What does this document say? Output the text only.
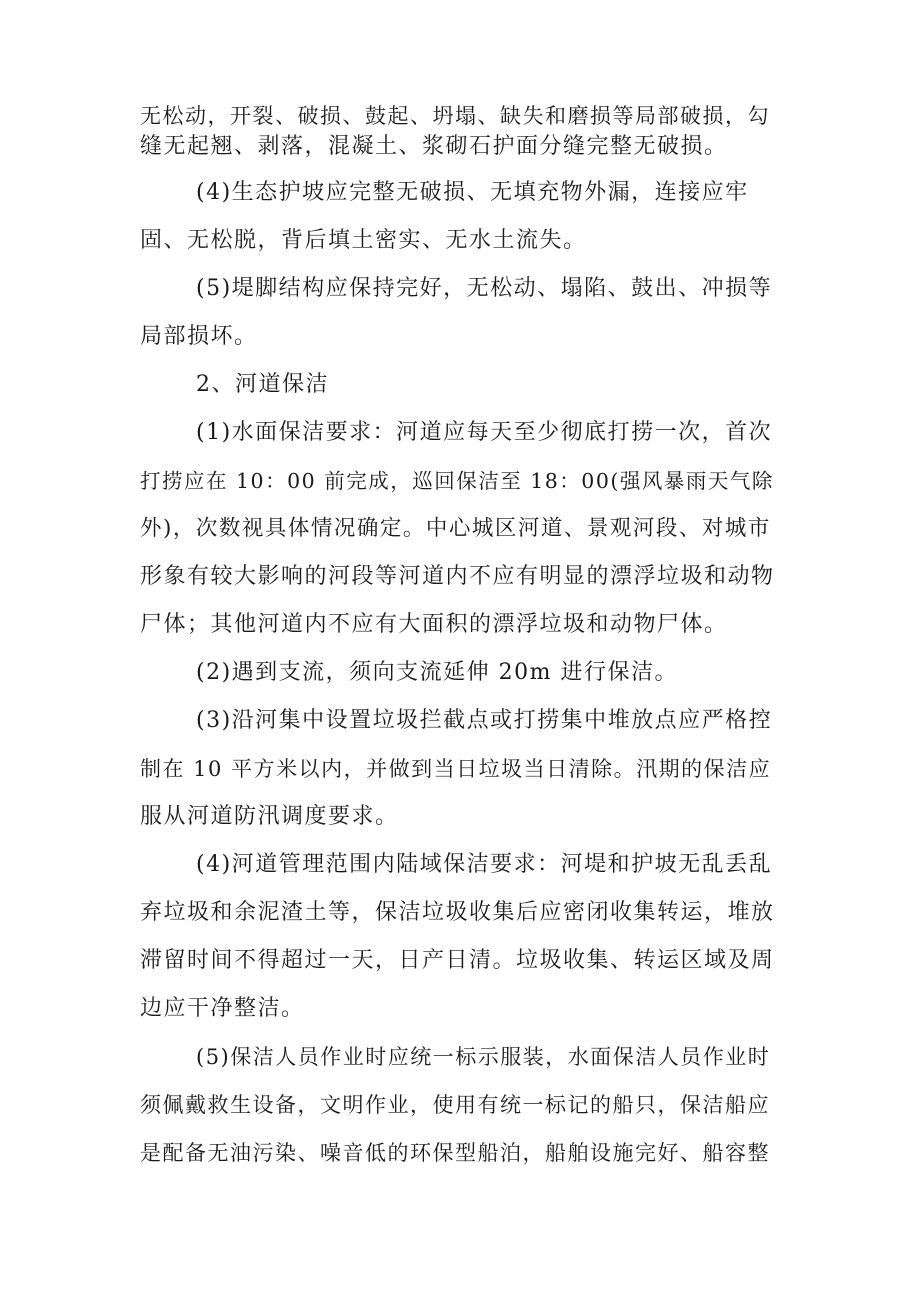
无松动，开裂、破损、鼓起、坍塌、缺失和磨损等局部破损，勾
缝无起翘、剥落，混凝土、浆砌石护面分缝完整无破损。
(4)生态护坡应完整无破损、无填充物外漏，连接应牢
固、无松脱，背后填土密实、无水土流失。
(5)堤脚结构应保持完好，无松动、塌陷、鼓出、冲损等
局部损坏。
2、河道保洁
(1)水面保洁要求：河道应每天至少彻底打捞一次，首次
打捞应在 10：00 前完成，巡回保洁至 18：00(强风暴雨天气除
外)，次数视具体情况确定。中心城区河道、景观河段、对城市
形象有较大影响的河段等河道内不应有明显的漂浮垃圾和动物
尸体；其他河道内不应有大面积的漂浮垃圾和动物尸体。
(2)遇到支流，须向支流延伸 20m 进行保洁。
(3)沿河集中设置垃圾拦截点或打捞集中堆放点应严格控
制在 10 平方米以内，并做到当日垃圾当日清除。汛期的保洁应
服从河道防汛调度要求。
(4)河道管理范围内陆域保洁要求：河堤和护坡无乱丢乱
弃垃圾和余泥渣土等，保洁垃圾收集后应密闭收集转运，堆放
滞留时间不得超过一天，日产日清。垃圾收集、转运区域及周
边应干净整洁。
(5)保洁人员作业时应统一标示服装，水面保洁人员作业时
须佩戴救生设备，文明作业，使用有统一标记的船只，保洁船应
是配备无油污染、噪音低的环保型船泊，船舶设施完好、船容整
